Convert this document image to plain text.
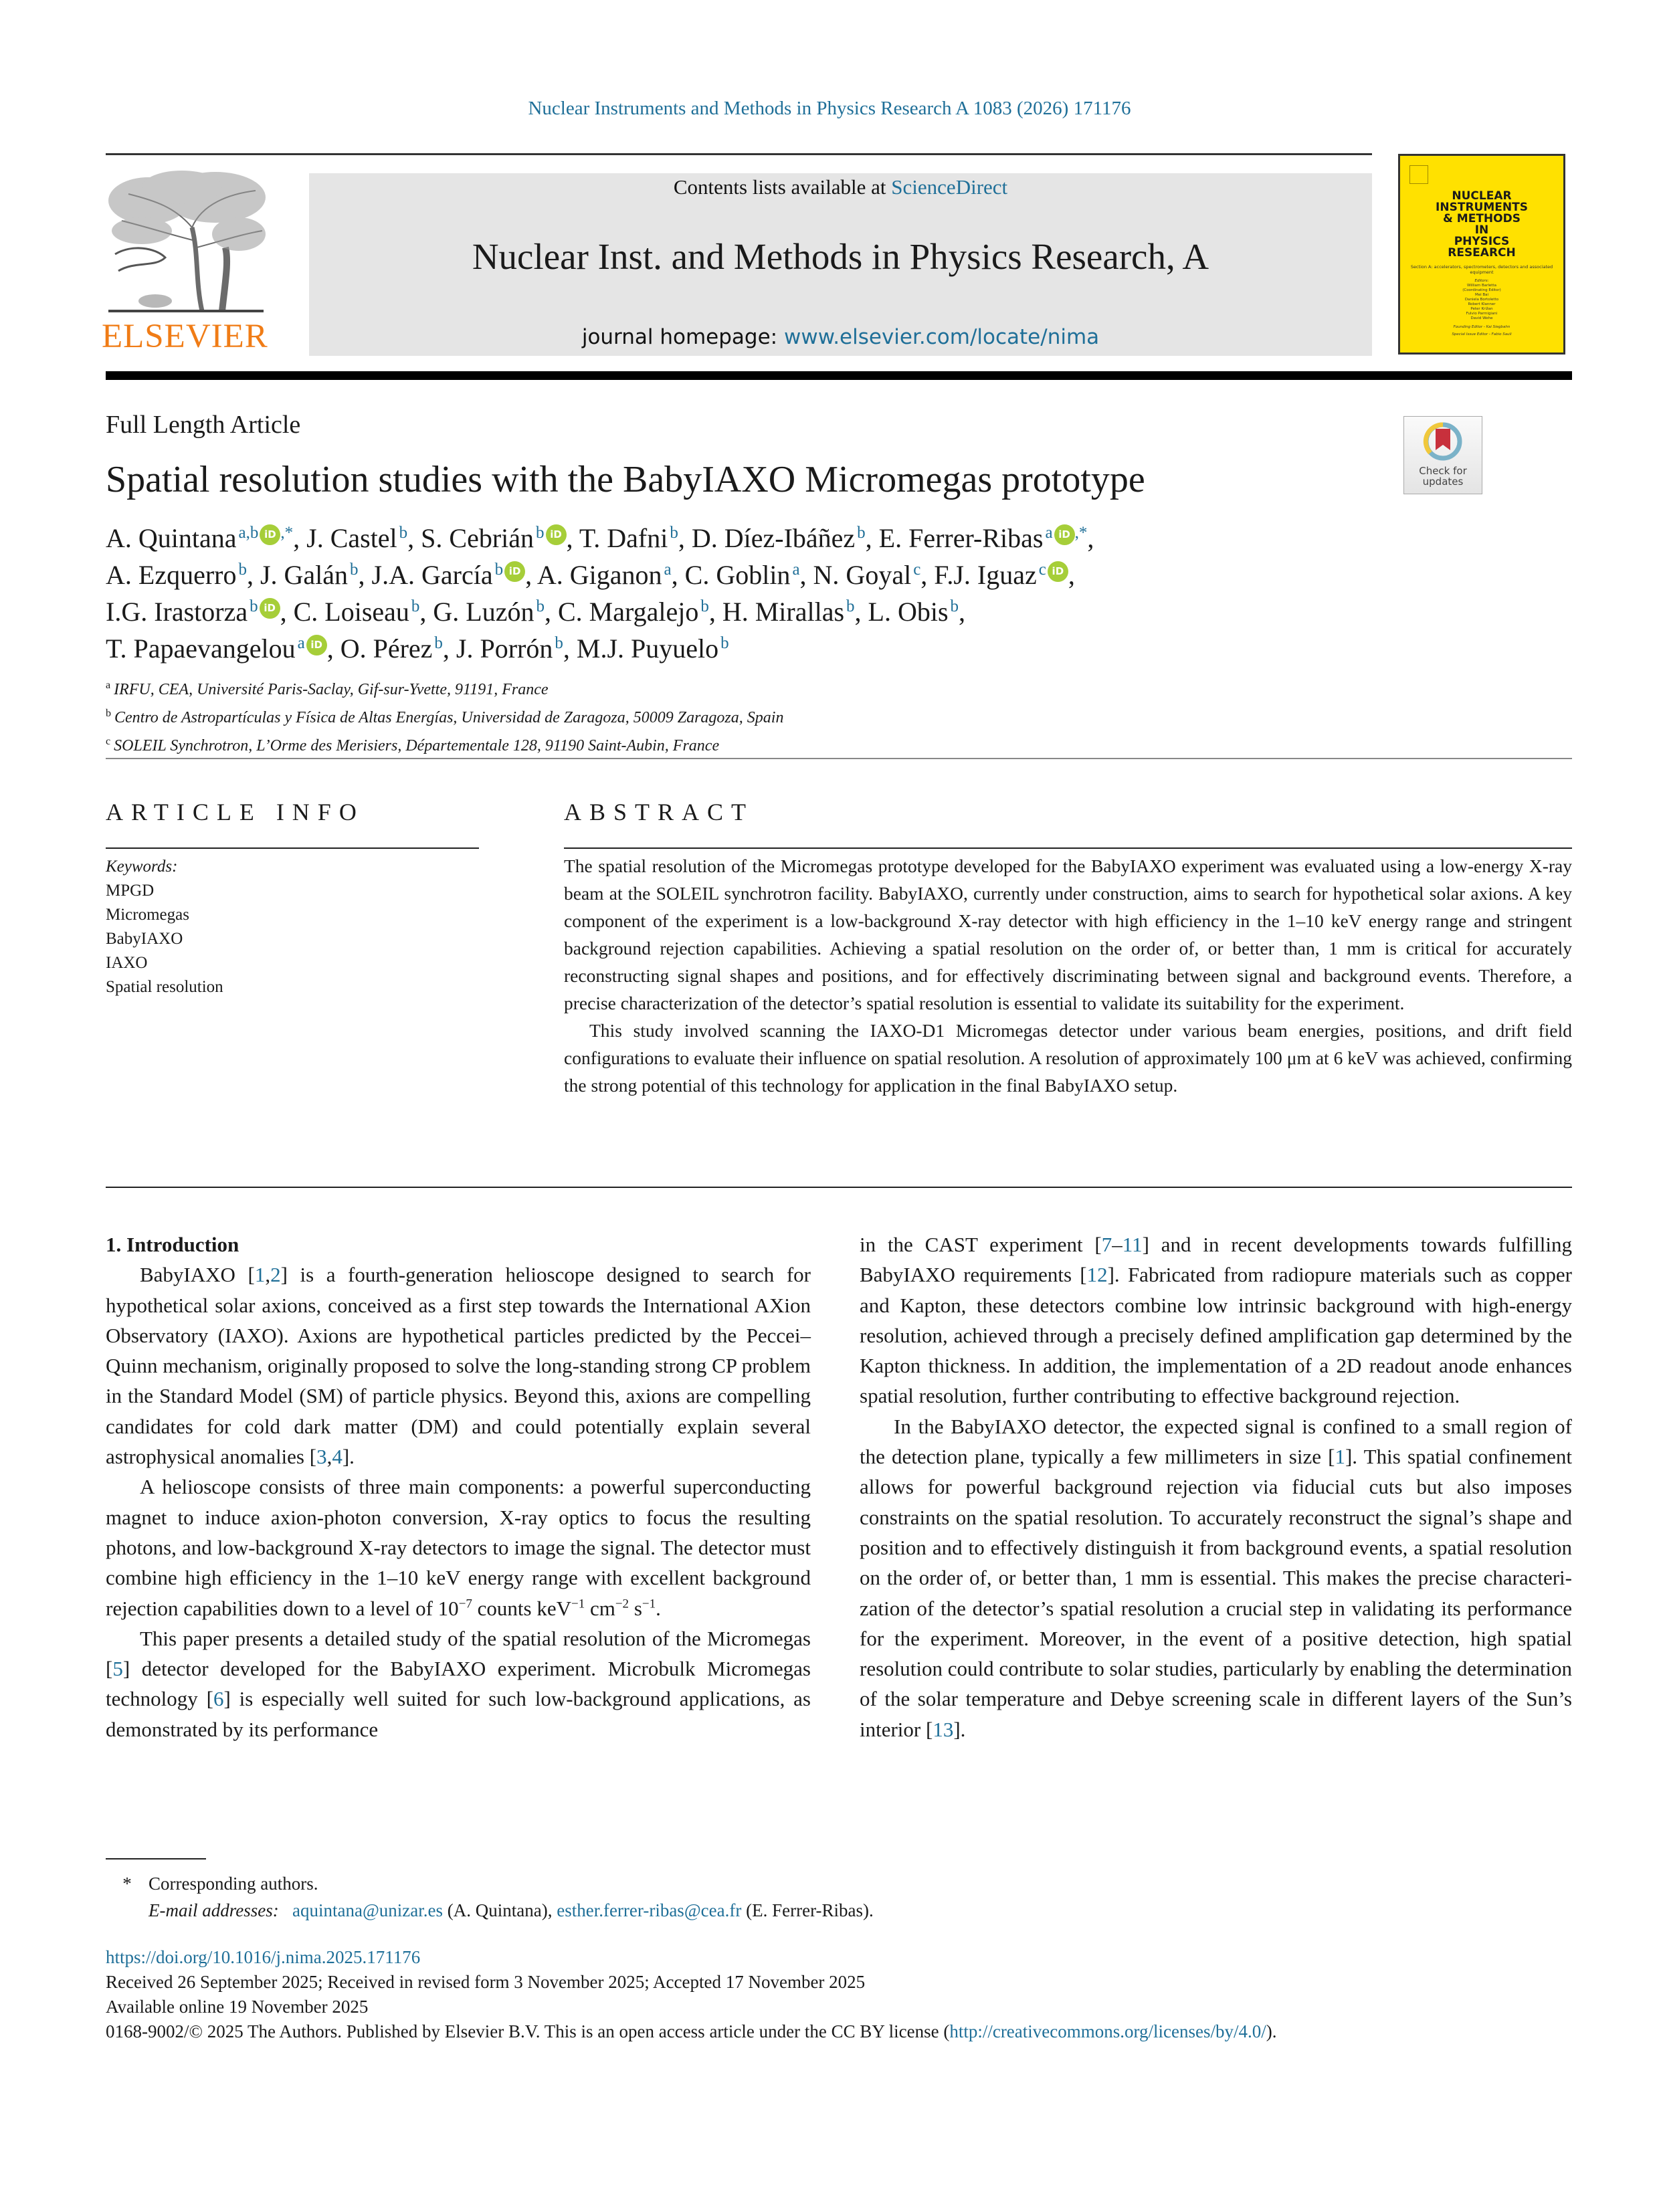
Nuclear Instruments and Methods in Physics Research A 1083 (2026) 171176
ELSEVIER
Contents lists available at ScienceDirect
Nuclear Inst. and Methods in Physics Research, A
journal homepage: www.elsevier.com/locate/nima
NUCLEAR
INSTRUMENTS
& METHODS
IN
PHYSICS
RESEARCH
Section A: accelerators, spectrometers, detectors and associated equipment
Editors:
William Barletta
(Coordinating Editor)
Mei Bai
Daniela Bortoletto
Robert Klanner
Peter Križan
Fulvio Parmigiani
David Wehe
Founding Editor - Kai Siegbahn
Special Issue Editor - Fabio Sauli
Full Length Article
Check for updates
Spatial resolution studies with the BabyIAXO Micromegas prototype
A. Quintana $^{a,b}$ iD ,*, J. Castel $^b$, S. Cebrián $^b$ iD , T. Dafni $^b$, D. Díez-Ibáñez $^b$, E. Ferrer-Ribas $^a$ iD ,*,
A. Ezquerro $^b$, J. Galán $^b$, J.A. García $^b$ iD , A. Giganon $^a$, C. Goblin $^a$, N. Goyal $^c$, F.J. Iguaz $^c$ iD ,
I.G. Irastorza $^b$ iD , C. Loiseau $^b$, G. Luzón $^b$, C. Margalejo $^b$, H. Mirallas $^b$, L. Obis $^b$,
T. Papaevangelou $^a$ iD , O. Pérez $^b$, J. Porrón $^b$, M.J. Puyuelo $^b$
$^a$ IRFU, CEA, Université Paris-Saclay, Gif-sur-Yvette, 91191, France
$^b$ Centro de Astropartículas y Física de Altas Energías, Universidad de Zaragoza, 50009 Zaragoza, Spain
$^c$ SOLEIL Synchrotron, L’Orme des Merisiers, Départementale 128, 91190 Saint-Aubin, France
ARTICLE INFO
Keywords:
MPGD
Micromegas
BabyIAXO
IAXO
Spatial resolution
ABSTRACT

The spatial resolution of the Micromegas prototype developed for the BabyIAXO experiment was evaluated using a low-energy X-ray beam at the SOLEIL synchrotron facility. BabyIAXO, currently under construction, aims to search for hypothetical solar axions. A key component of the experiment is a low-background X-ray detector with high efficiency in the 1–10 keV energy range and stringent background rejection capabilities. Achieving a spatial resolution on the order of, or better than, 1 mm is critical for accurately reconstructing signal shapes and positions, and for effectively discriminating between signal and background events. Therefore, a precise characterization of the detector’s spatial resolution is essential to validate its suitability for the experiment.

This study involved scanning the IAXO-D1 Micromegas detector under various beam energies, positions, and drift field configurations to evaluate their influence on spatial resolution. A resolution of approximately 100 μm at 6 keV was achieved, confirming the strong potential of this technology for application in the final BabyIAXO setup.

1. Introduction

BabyIAXO [1,2] is a fourth-generation helioscope designed to search for hypothetical solar axions, conceived as a first step towards the International AXion Observatory (IAXO). Axions are hypothetical particles predicted by the Peccei–Quinn mechanism, originally proposed to solve the long-standing strong CP problem in the Standard Model (SM) of particle physics. Beyond this, axions are compelling candidates for cold dark matter (DM) and could potentially explain several astrophysical anomalies [3,4].

A helioscope consists of three main components: a powerful superconducting magnet to induce axion-photon conversion, X-ray optics to focus the resulting photons, and low-background X-ray detectors to image the signal. The detector must combine high efficiency in the 1–10 keV energy range with excellent background rejection capabilities down to a level of $10^{-7}$ counts keV$^{-1}$ $cm^{-2}$ $s^{-1}$.

This paper presents a detailed study of the spatial resolution of the Micromegas [5] detector developed for the BabyIAXO experiment. Microbulk Micromegas technology [6] is especially well suited for such low-background applications, as demonstrated by its performance

in the CAST experiment [7–11] and in recent developments towards fulfilling BabyIAXO requirements [12]. Fabricated from radiopure materials such as copper and Kapton, these detectors combine low intrinsic background with high-energy resolution, achieved through a precisely defined amplification gap determined by the Kapton thickness. In addition, the implementation of a 2D readout anode enhances spatial resolution, further contributing to effective background rejection.

In the BabyIAXO detector, the expected signal is confined to a small region of the detection plane, typically a few millimeters in size [1]. This spatial confinement allows for powerful background rejection via fiducial cuts but also imposes constraints on the spatial resolution. To accurately reconstruct the signal’s shape and position and to effectively distinguish it from background events, a spatial resolution on the order of, or better than, 1 mm is essential. This makes the precise characterization of the detector’s spatial resolution a crucial step in validating its performance for the experiment. Moreover, in the event of a positive detection, high spatial resolution could contribute to solar studies, particularly by enabling the determination of the solar temperature and Debye screening scale in different layers of the Sun’s interior [13].

* Corresponding authors.
E-mail addresses: aquintana@unizar.es (A. Quintana), esther.ferrer-ribas@cea.fr (E. Ferrer-Ribas).
https://doi.org/10.1016/j.nima.2025.171176
Received 26 September 2025; Received in revised form 3 November 2025; Accepted 17 November 2025
Available online 19 November 2025
0168-9002/© 2025 The Authors. Published by Elsevier B.V. This is an open access article under the CC BY license (http://creativecommons.org/licenses/by/4.0/).
